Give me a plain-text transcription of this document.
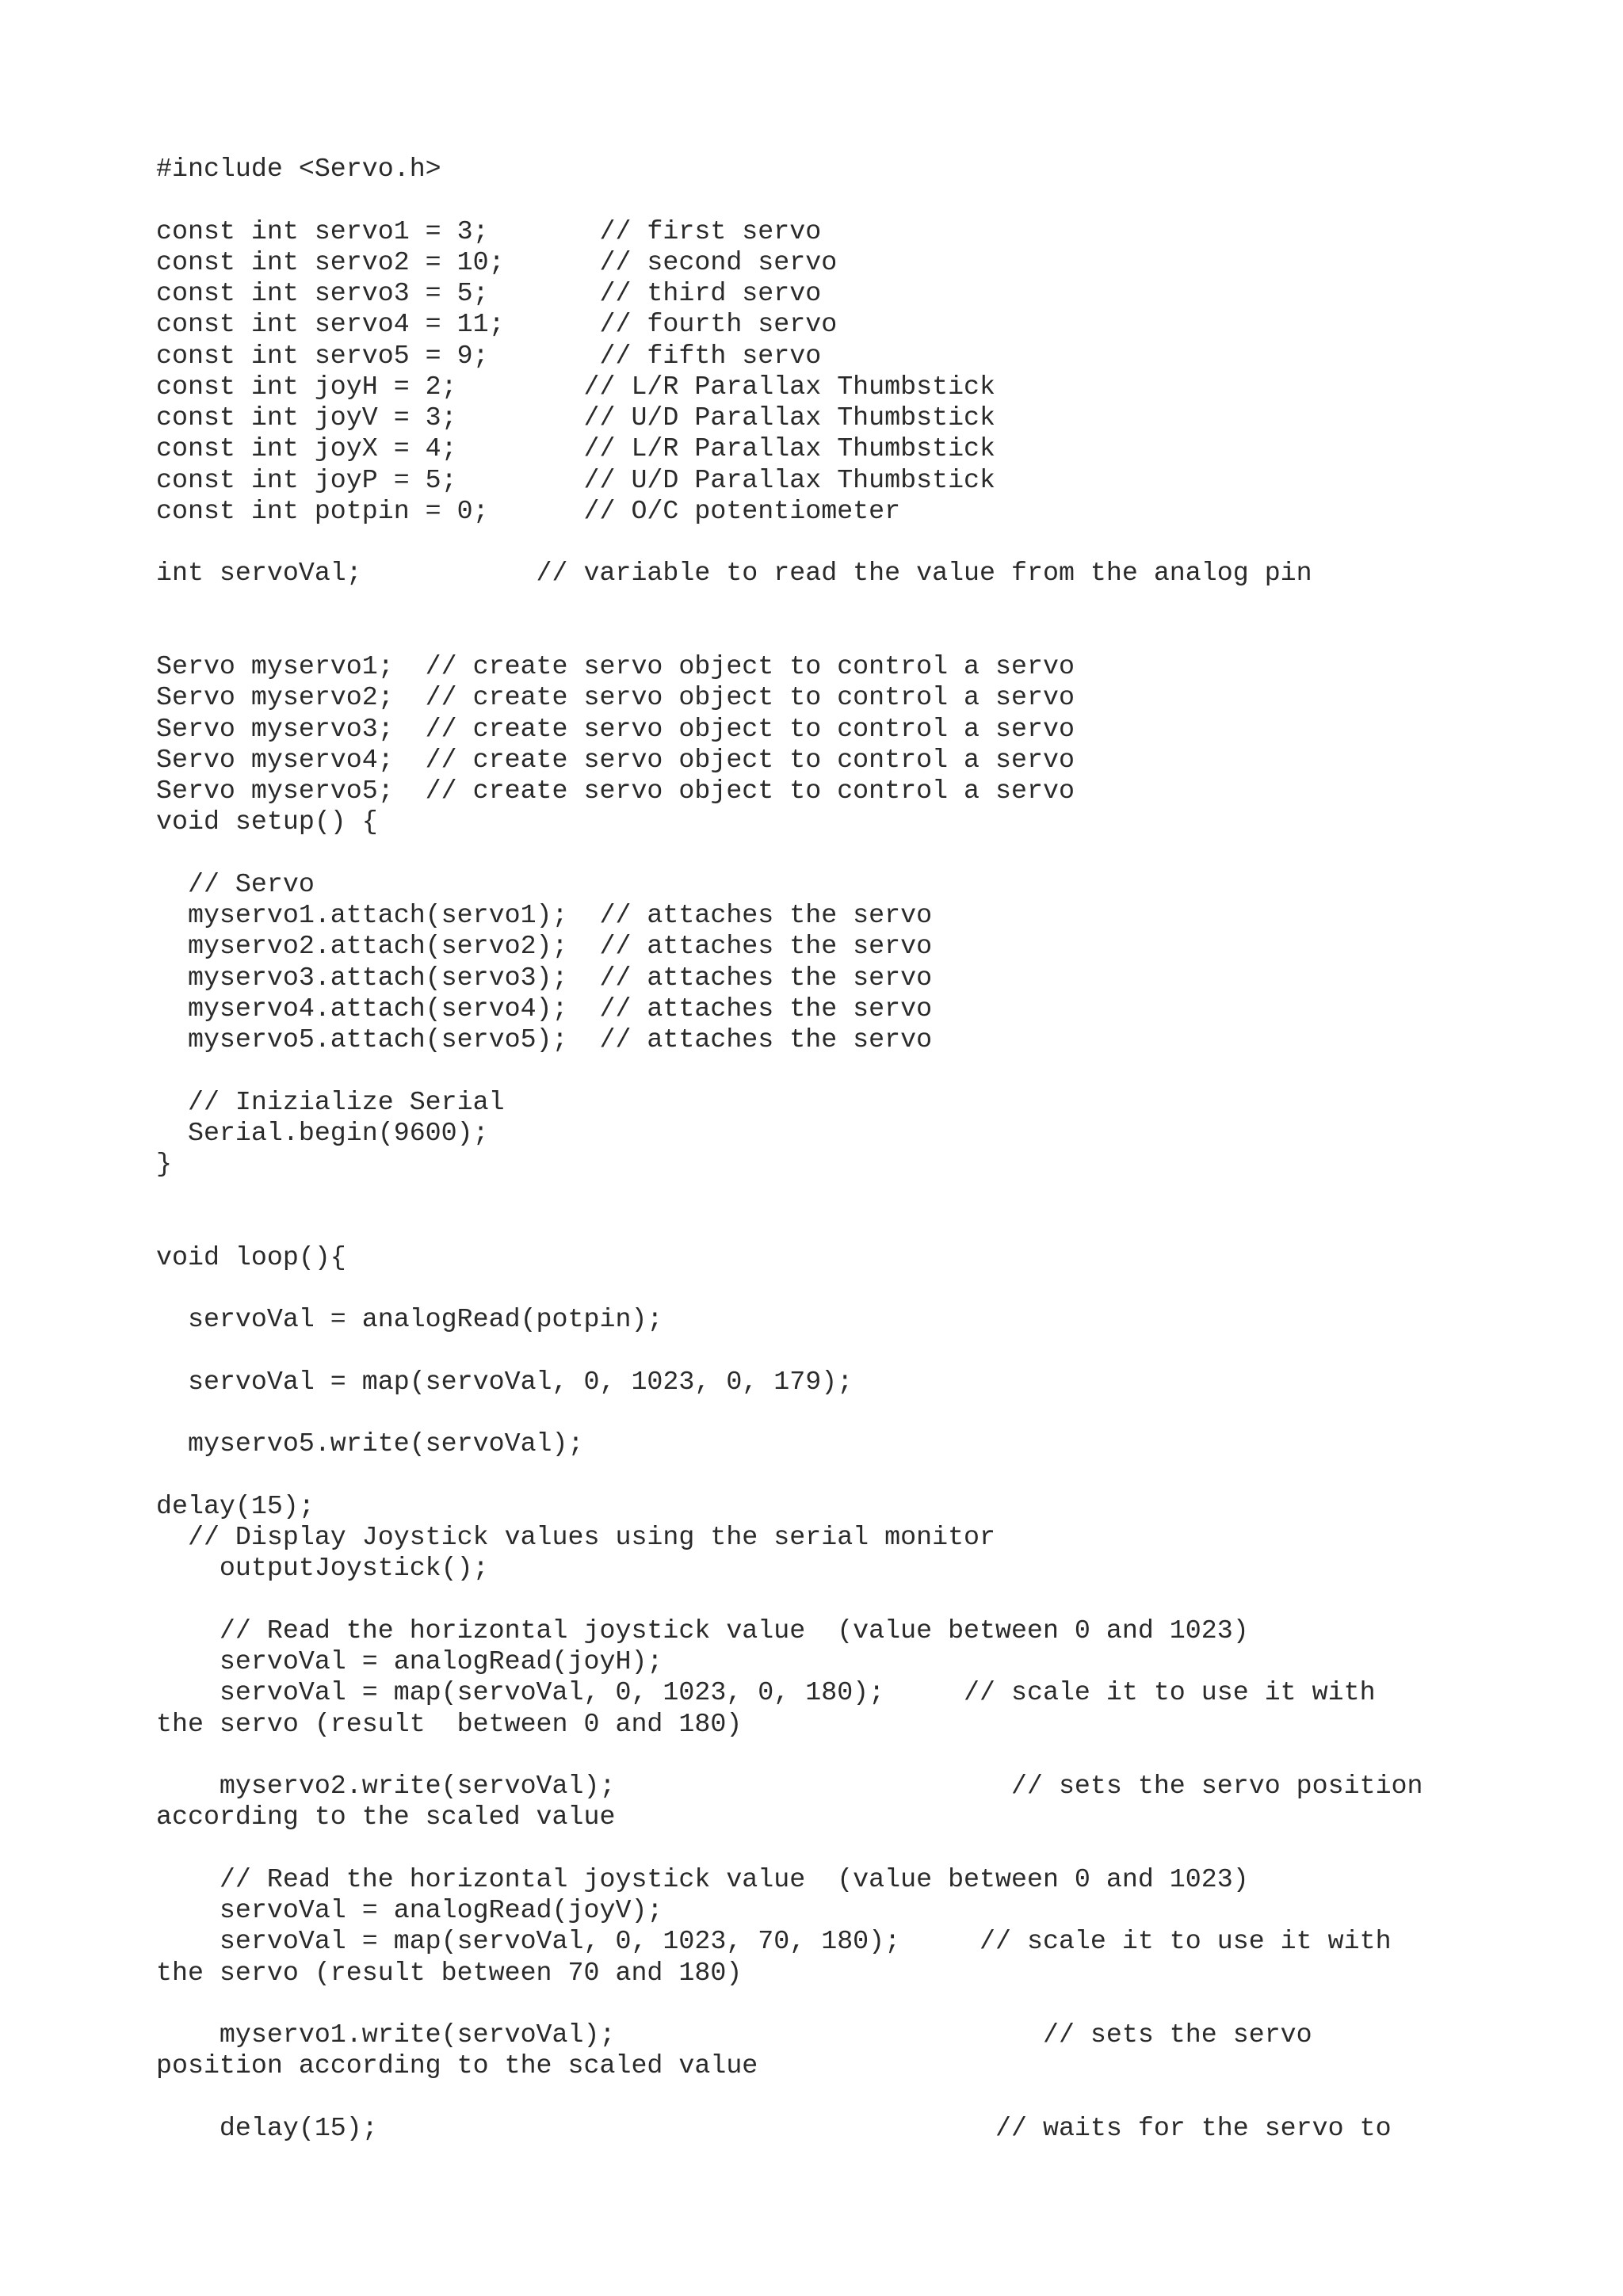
#include <Servo.h>
const int servo1 = 3;       // first servo
const int servo2 = 10;      // second servo
const int servo3 = 5;       // third servo
const int servo4 = 11;      // fourth servo
const int servo5 = 9;       // fifth servo
const int joyH = 2;        // L/R Parallax Thumbstick
const int joyV = 3;        // U/D Parallax Thumbstick
const int joyX = 4;        // L/R Parallax Thumbstick
const int joyP = 5;        // U/D Parallax Thumbstick
const int potpin = 0;      // O/C potentiometer
int servoVal;           // variable to read the value from the analog pin
Servo myservo1;  // create servo object to control a servo
Servo myservo2;  // create servo object to control a servo
Servo myservo3;  // create servo object to control a servo
Servo myservo4;  // create servo object to control a servo
Servo myservo5;  // create servo object to control a servo
void setup() {
// Servo
myservo1.attach(servo1);  // attaches the servo
myservo2.attach(servo2);  // attaches the servo
myservo3.attach(servo3);  // attaches the servo
myservo4.attach(servo4);  // attaches the servo
myservo5.attach(servo5);  // attaches the servo
// Inizialize Serial
Serial.begin(9600);
}
void loop(){
servoVal = analogRead(potpin);
servoVal = map(servoVal, 0, 1023, 0, 179);
myservo5.write(servoVal);
delay(15);
// Display Joystick values using the serial monitor
outputJoystick();
// Read the horizontal joystick value  (value between 0 and 1023)
servoVal = analogRead(joyH);
servoVal = map(servoVal, 0, 1023, 0, 180);     // scale it to use it with
the servo (result  between 0 and 180)
myservo2.write(servoVal);                         // sets the servo position
according to the scaled value
// Read the horizontal joystick value  (value between 0 and 1023)
servoVal = analogRead(joyV);
servoVal = map(servoVal, 0, 1023, 70, 180);     // scale it to use it with
the servo (result between 70 and 180)
myservo1.write(servoVal);                           // sets the servo
position according to the scaled value
delay(15);                                       // waits for the servo to
